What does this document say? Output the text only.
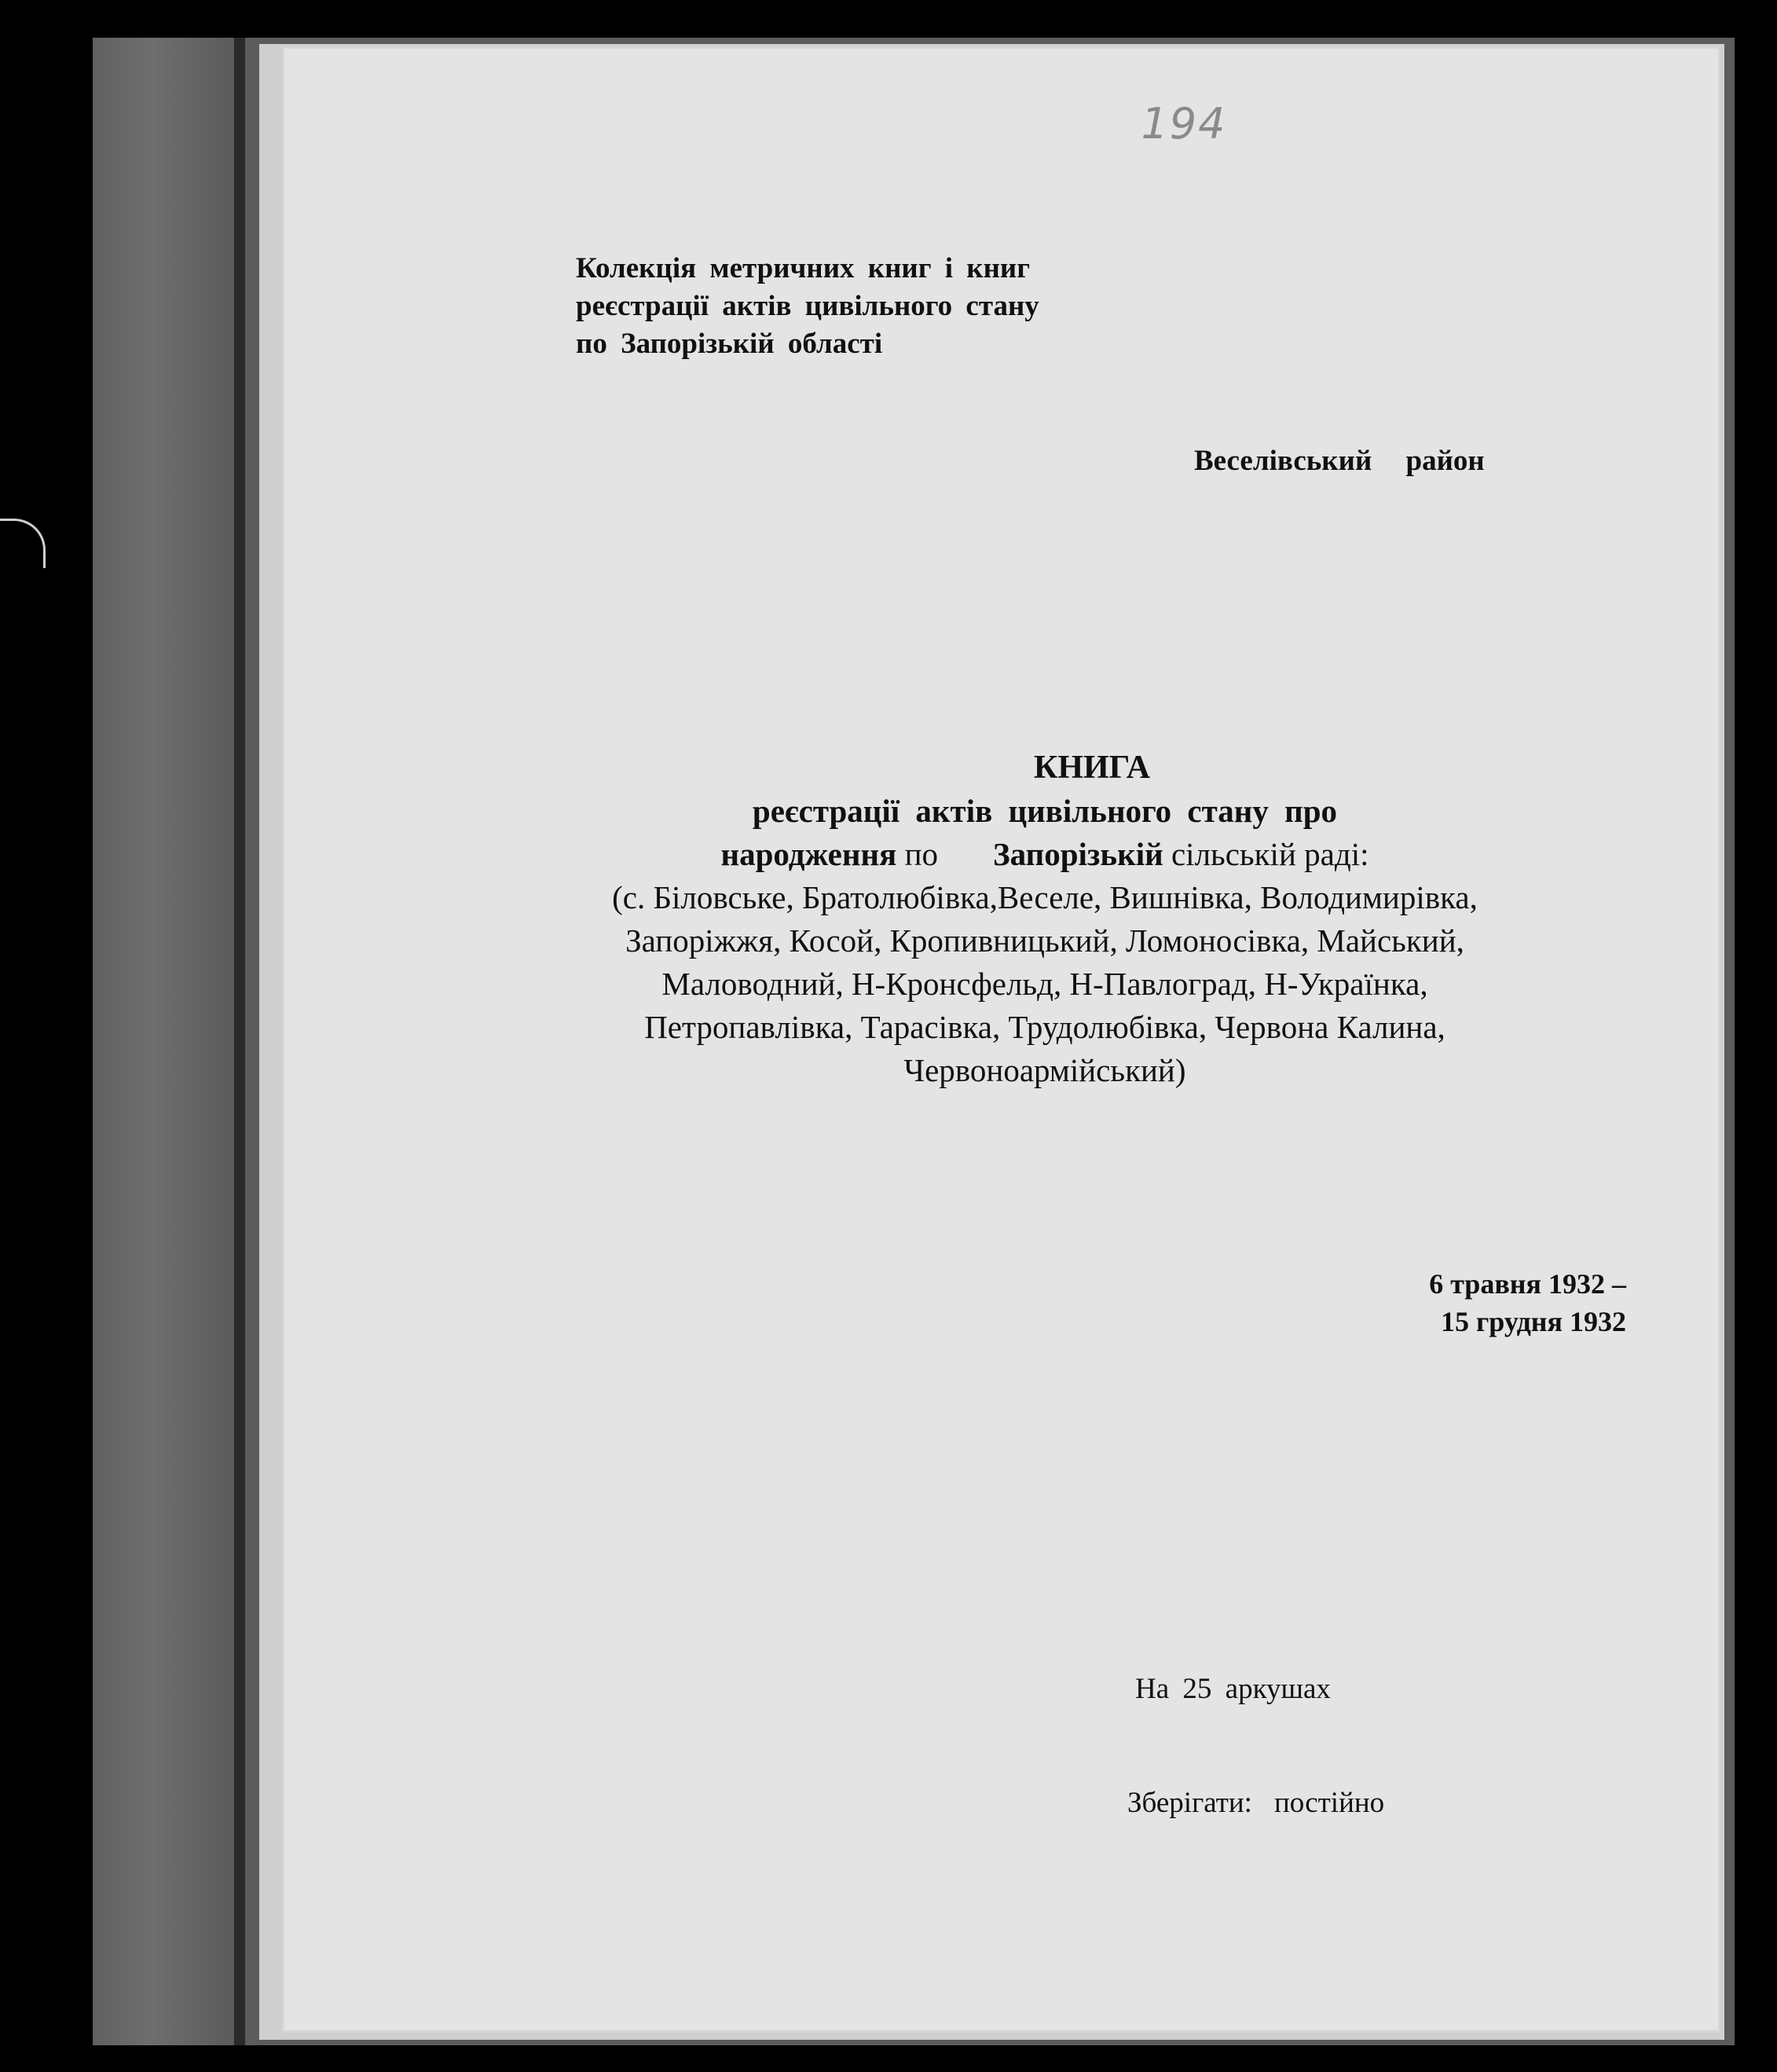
194
Колекція метричних книг і книг
реєстрації актів цивільного стану
по Запорізькій області
Веселівський район
КНИГА
реєстрації актів цивільного стану про
народження по Запорізькій сільській раді:
(с. Біловське, Братолюбівка,Веселе, Вишнівка, Володимирівка,
Запоріжжя, Косой, Кропивницький, Ломоносівка, Майський,
Маловодний, Н-Кронсфельд, Н-Павлоград, Н-Українка,
Петропавлівка, Тарасівка, Трудолюбівка, Червона Калина,
Червоноармійський)
6 травня 1932 –
15 грудня 1932
На 25 аркушах
Зберігати: постійно
